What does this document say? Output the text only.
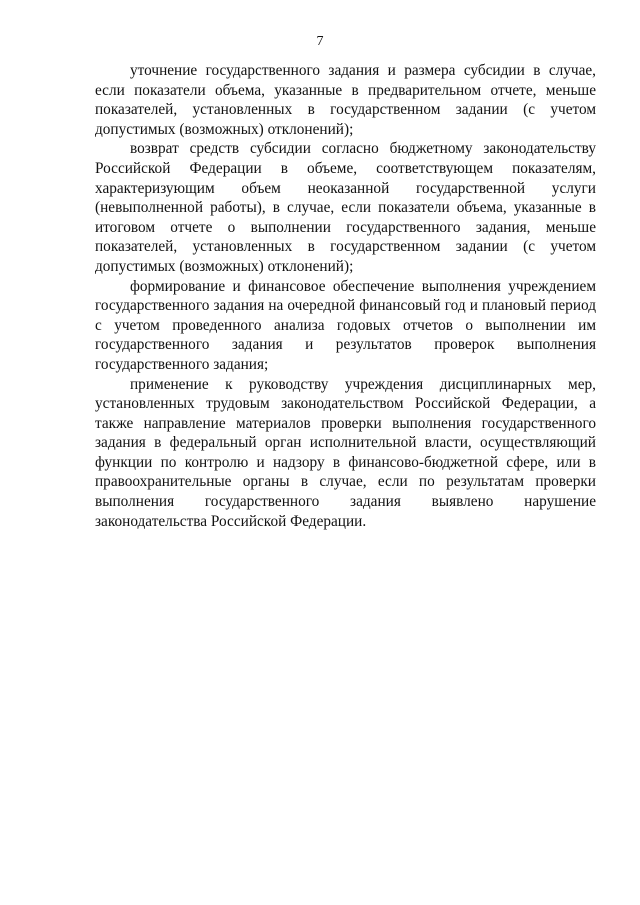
7

уточнение государственного задания и размера субсидии в случае, если показатели объема, указанные в предварительном отчете, меньше показателей, установленных в государственном задании (с учетом допустимых (возможных) отклонений);

возврат средств субсидии согласно бюджетному законодательству Российской Федерации в объеме, соответствующем показателям, характеризующим объем неоказанной государственной услуги (невыполненной работы), в случае, если показатели объема, указанные в итоговом отчете о выполнении государственного задания, меньше показателей, установленных в государственном задании (с учетом допустимых (возможных) отклонений);

формирование и финансовое обеспечение выполнения учреждением государственного задания на очередной финансовый год и плановый период с учетом проведенного анализа годовых отчетов о выполнении им государственного задания и результатов проверок выполнения государственного задания;

применение к руководству учреждения дисциплинарных мер, установленных трудовым законодательством Российской Федерации, а также направление материалов проверки выполнения государственного задания в федеральный орган исполнительной власти, осуществляющий функции по контролю и надзору в финансово-бюджетной сфере, или в правоохранительные органы в случае, если по результатам проверки выполнения государственного задания выявлено нарушение законодательства Российской Федерации.
